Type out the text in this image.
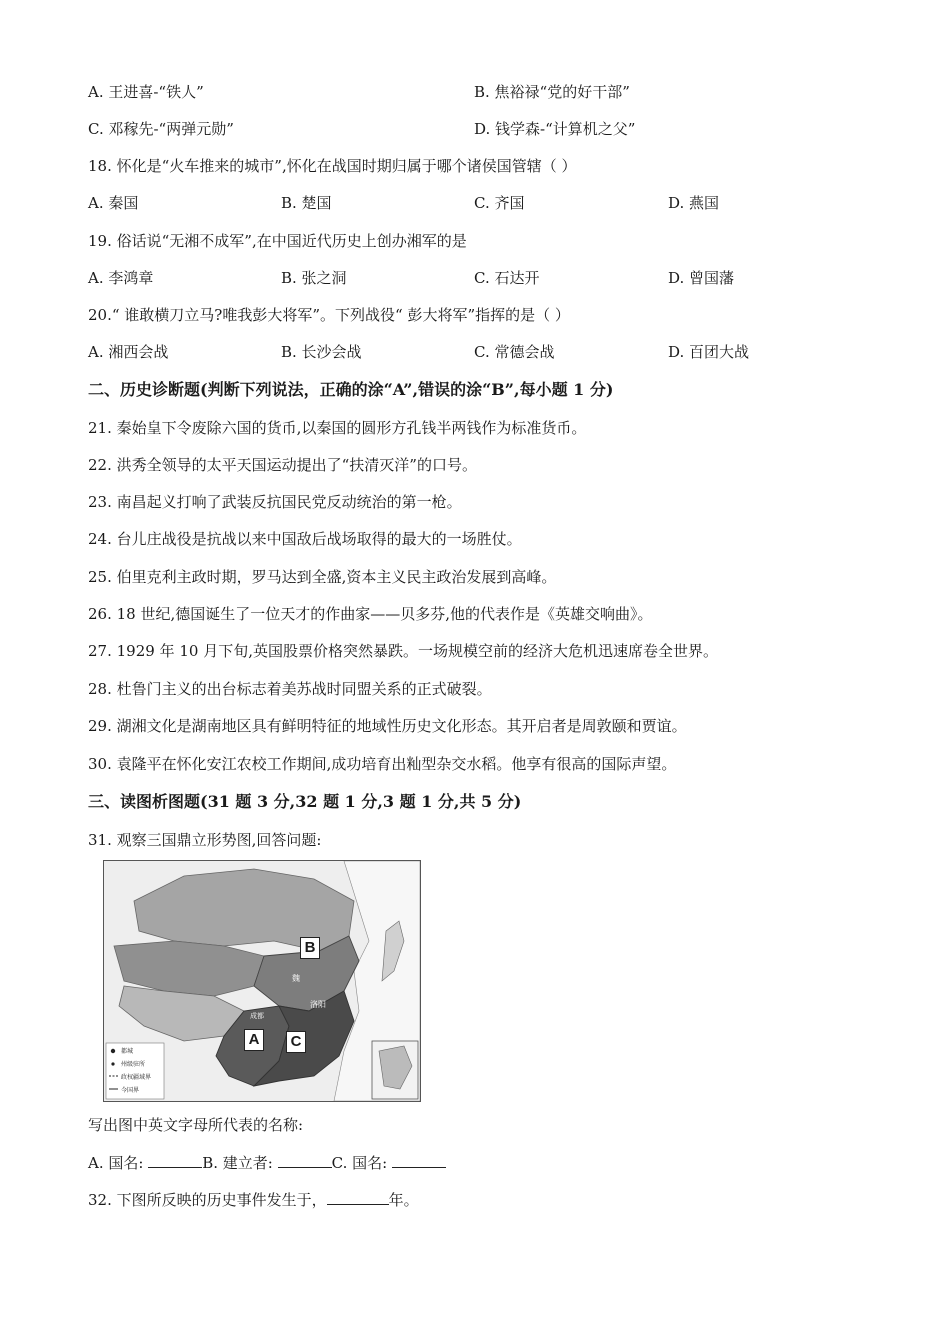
A. 王进喜-“铁人”	B. 焦裕禄“党的好干部”
C. 邓稼先-“两弹元勋”	D. 钱学森-“计算机之父”
18. 怀化是“火车推来的城市”,怀化在战国时期归属于哪个诸侯国管辖（ ）
A. 秦国	B. 楚国	C. 齐国	D. 燕国
19. 俗话说“无湘不成军”,在中国近代历史上创办湘军的是
A. 李鸿章	B. 张之洞	C. 石达开	D. 曾国藩
20.“ 谁敢横刀立马?唯我彭大将军”。下列战役“ 彭大将军”指挥的是（ ）
A. 湘西会战	B. 长沙会战	C. 常德会战	D. 百团大战
二、历史诊断题(判断下列说法，正确的涂“A”,错误的涂“B”,每小题 1 分)
21. 秦始皇下令废除六国的货币,以秦国的圆形方孔钱半两钱作为标准货币。
22. 洪秀全领导的太平天国运动提出了“扶清灭洋”的口号。
23. 南昌起义打响了武装反抗国民党反动统治的第一枪。
24. 台儿庄战役是抗战以来中国敌后战场取得的最大的一场胜仗。
25. 伯里克利主政时期，罗马达到全盛,资本主义民主政治发展到高峰。
26. 18 世纪,德国诞生了一位天才的作曲家——贝多芬,他的代表作是《英雄交响曲》。
27. 1929 年 10 月下旬,英国股票价格突然暴跌。一场规模空前的经济大危机迅速席卷全世界。
28. 杜鲁门主义的出台标志着美苏战时同盟关系的正式破裂。
29. 湖湘文化是湖南地区具有鲜明特征的地域性历史文化形态。其开启者是周敦颐和贾谊。
30. 袁隆平在怀化安江农校工作期间,成功培育出籼型杂交水稻。他享有很高的国际声望。
三、读图析图题(31 题 3 分,32 题 1 分,3 题 1 分,共 5 分)
31. 观察三国鼎立形势图,回答问题:
B
A	C
魏
洛阳
成都
都城
州级驻所
政权疆域界
今国界
写出图中英文字母所代表的名称:
A. 国名:	B. 建立者:	C. 国名:
32. 下图所反映的历史事件发生于，	年。
